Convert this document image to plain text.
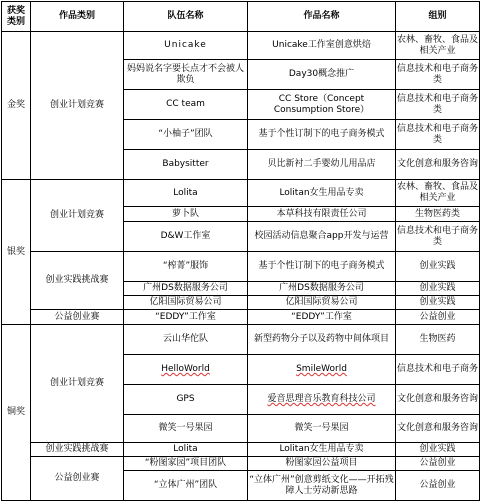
获奖类别	作品类别	队伍名称	作品名称	组别
金奖	创业计划竞赛	Unicake	Unicake工作室创意烘焙	农林、畜牧、食品及相关产业
		妈妈说名字要长点才不会被人欺负	Day30概念推广	信息技术和电子商务类
		CC team	CC Store（Concept Consumption Store）	信息技术和电子商务类
		“小柚子”团队	基于个性订制下的电子商务模式	信息技术和电子商务类
		Babysitter	贝比新衬二手婴幼儿用品店	文化创意和服务咨询
银奖	创业计划竞赛	Lolita	Lolitan女生用品专卖	农林、畜牧、食品及相关产业
		萝卜队	本草科技有限责任公司	生物医药类
		D&W工作室	校园活动信息聚合app开发与运营	信息技术和电子商务类
	创业实践挑战赛	“榨菁”服饰	基于个性订制下的电子商务模式	创业实践
		广州DS数据服务公司	广州DS数据服务公司	创业实践
		亿阳国际贸易公司	亿阳国际贸易公司	创业实践
	公益创业赛	“EDDY”工作室	“EDDY”工作室	公益创业
铜奖	创业计划竞赛	云山华佗队	新型药物分子以及药物中间体项目	生物医药
		HelloWorld	SmileWorld	信息技术和电子商务
		GPS	爱音思理音乐教育科技公司	文化创意和服务咨询
		微笑一号果园	微笑一号果园	文化创意和服务咨询
	创业实践挑战赛	Lolita	Lolitan女生用品专卖	创业实践
	公益创业赛	“粉图家园”项目团队	粉图家园公益项目	公益创业
		“立体广州”团队	“立体广州”创意剪纸文化——开拓残障人士劳动新思路	公益创业
